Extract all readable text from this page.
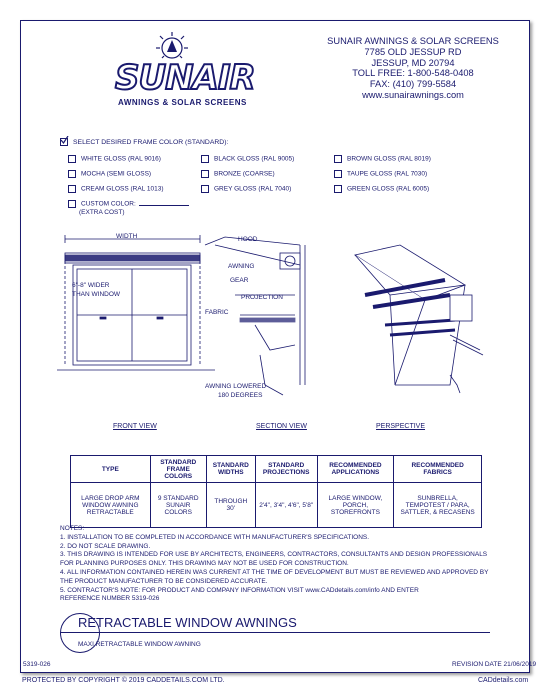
SUNAIR
AWNINGS & SOLAR SCREENS
SUNAIR AWNINGS & SOLAR SCREENS
7785 OLD JESSUP RD
JESSUP, MD 20794
TOLL FREE: 1-800-548-0408
FAX: (410) 799-5584
www.sunairawnings.com
SELECT DESIRED FRAME COLOR (STANDARD):
WHITE GLOSS (RAL 9016)
MOCHA (SEMI GLOSS)
CREAM GLOSS (RAL 1013)
BLACK GLOSS (RAL 9005)
BRONZE (COARSE)
GREY GLOSS (RAL 7040)
BROWN GLOSS (RAL 8019)
TAUPE GLOSS (RAL 7030)
GREEN GLOSS (RAL 6005)
CUSTOM COLOR:
(EXTRA COST)
WIDTH
6"-8" WIDER
THAN WINDOW
HOOD
AWNING
GEAR
PROJECTION
FABRIC
AWNING LOWERED
180 DEGREES
FRONT VIEW	SECTION VIEW	PERSPECTIVE
TYPE	STANDARD FRAME COLORS	STANDARD WIDTHS	STANDARD PROJECTIONS	RECOMMENDED APPLICATIONS	RECOMMENDED FABRICS
LARGE DROP ARM WINDOW AWNING RETRACTABLE	9 STANDARD SUNAIR COLORS	THROUGH 30'	2'4", 3'4", 4'6", 5'8"	LARGE WINDOW, PORCH, STOREFRONTS	SUNBRELLA, TEMPOTEST / PARA, SATTLER, & RECASENS
NOTES:
1. INSTALLATION TO BE COMPLETED IN ACCORDANCE WITH MANUFACTURER'S SPECIFICATIONS.
2. DO NOT SCALE DRAWING.
3. THIS DRAWING IS INTENDED FOR USE BY ARCHITECTS, ENGINEERS, CONTRACTORS, CONSULTANTS AND DESIGN PROFESSIONALS
FOR PLANNING PURPOSES ONLY. THIS DRAWING MAY NOT BE USED FOR CONSTRUCTION.
4. ALL INFORMATION CONTAINED HEREIN WAS CURRENT AT THE TIME OF DEVELOPMENT BUT MUST BE REVIEWED AND APPROVED BY
THE PRODUCT MANUFACTURER TO BE CONSIDERED ACCURATE.
5. CONTRACTOR'S NOTE: FOR PRODUCT AND COMPANY INFORMATION VISIT www.CADdetails.com/info AND ENTER
REFERENCE NUMBER 5319-026
RETRACTABLE WINDOW AWNINGS
MAXI RETRACTABLE WINDOW AWNING
5319-026	REVISION DATE 21/06/2019
PROTECTED BY COPYRIGHT © 2019 CADDETAILS.COM LTD.	CADdetails.com
